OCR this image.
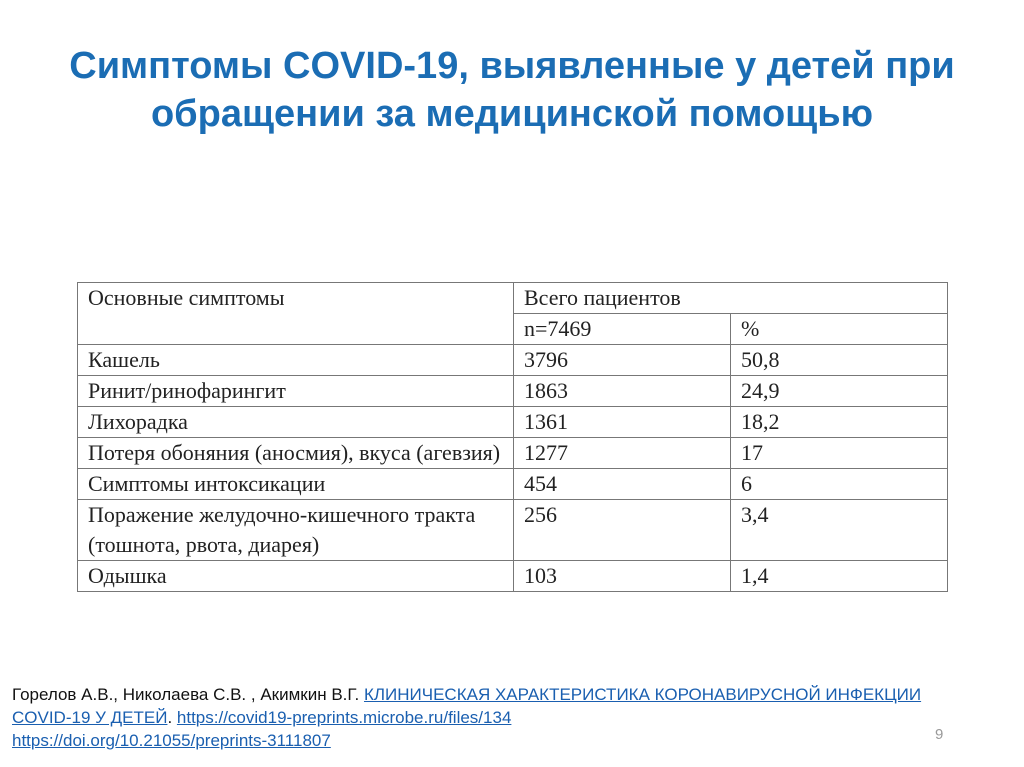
Симптомы COVID-19, выявленные у детей при обращении за медицинской помощью
Основные симптомы	Всего пациентов	
	n=7469	%
Кашель	3796	50,8
Ринит/ринофарингит	1863	24,9
Лихорадка	1361	18,2
Потеря обоняния (аносмия), вкуса (агевзия)	1277	17
Симптомы интоксикации	454	6
Поражение желудочно-кишечного тракта (тошнота, рвота, диарея)	256	3,4
Одышка	103	1,4
Горелов А.В., Николаева С.В. , Акимкин В.Г. КЛИНИЧЕСКАЯ ХАРАКТЕРИСТИКА КОРОНАВИРУСНОЙ ИНФЕКЦИИ COVID-19 У ДЕТЕЙ. https://covid19-preprints.microbe.ru/files/134
https://doi.org/10.21055/preprints-3111807	9
